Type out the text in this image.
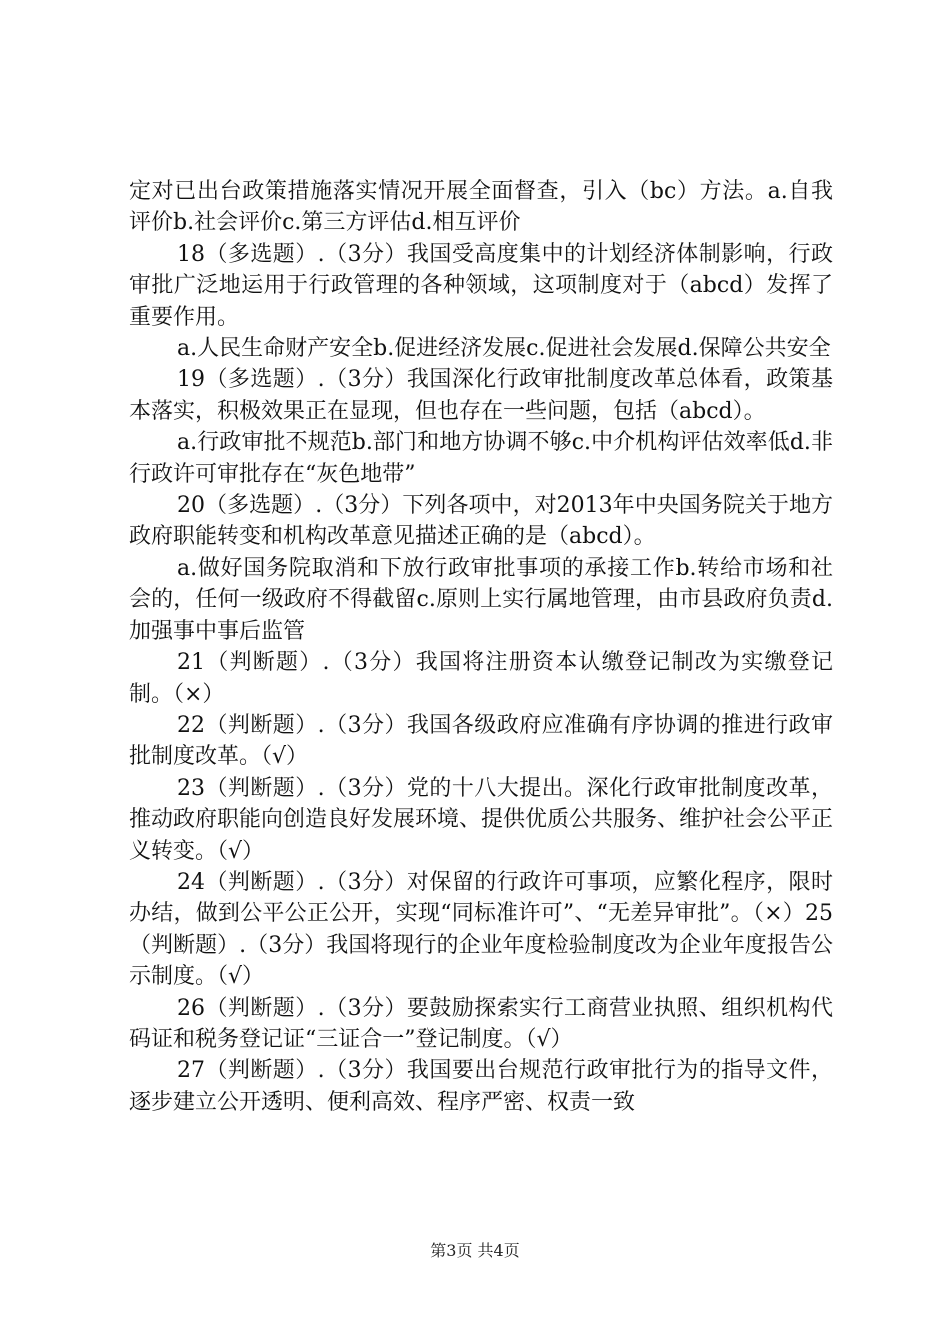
定对已出台政策措施落实情况开展全面督查，引入（bc）方法。a.自我评价b.社会评价c.第三方评估d.相互评价

18（多选题）.（3分）我国受高度集中的计划经济体制影响，行政审批广泛地运用于行政管理的各种领域，这项制度对于（abcd）发挥了重要作用。

a.人民生命财产安全b.促进经济发展c.促进社会发展d.保障公共安全

19（多选题）.（3分）我国深化行政审批制度改革总体看，政策基本落实，积极效果正在显现，但也存在一些问题，包括（abcd）。

a.行政审批不规范b.部门和地方协调不够c.中介机构评估效率低d.非行政许可审批存在“灰色地带”

20（多选题）.（3分）下列各项中，对2013年中央国务院关于地方政府职能转变和机构改革意见描述正确的是（abcd）。

a.做好国务院取消和下放行政审批事项的承接工作b.转给市场和社会的，任何一级政府不得截留c.原则上实行属地管理，由市县政府负责d.加强事中事后监管

21（判断题）.（3分）我国将注册资本认缴登记制改为实缴登记制。（×）

22（判断题）.（3分）我国各级政府应准确有序协调的推进行政审批制度改革。（√）

23（判断题）.（3分）党的十八大提出。深化行政审批制度改革，推动政府职能向创造良好发展环境、提供优质公共服务、维护社会公平正义转变。（√）

24（判断题）.（3分）对保留的行政许可事项，应繁化程序，限时办结，做到公平公正公开，实现“同标准许可”、“无差异审批”。（×）25（判断题）.（3分）我国将现行的企业年度检验制度改为企业年度报告公示制度。（√）

26（判断题）.（3分）要鼓励探索实行工商营业执照、组织机构代码证和税务登记证“三证合一”登记制度。（√）

27（判断题）.（3分）我国要出台规范行政审批行为的指导文件，逐步建立公开透明、便利高效、程序严密、权责一致

第3页 共4页
